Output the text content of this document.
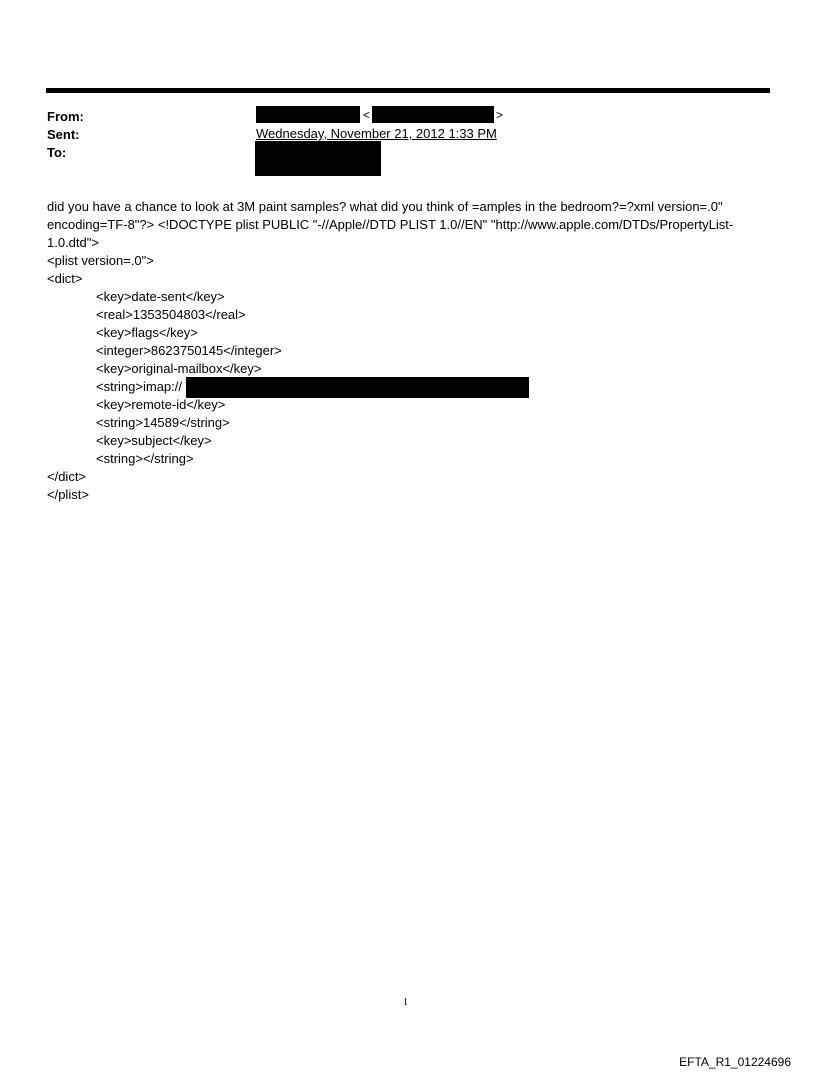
From:
Sent:
To:
<	>
Wednesday, November 21, 2012 1:33 PM
did you have a chance to look at 3M paint samples? what did you think of =amples in the bedroom?=?xml version=.0"
encoding=TF-8"?> <!DOCTYPE plist PUBLIC "-//Apple//DTD PLIST 1.0//EN" "http://www.apple.com/DTDs/PropertyList-
1.0.dtd">
<plist version=.0">
<dict>
<key>date-sent</key>
<real>1353504803</real>
<key>flags</key>
<integer>8623750145</integer>
<key>original-mailbox</key>
<string>imap://
<key>remote-id</key>
<string>14589</string>
<key>subject</key>
<string></string>
</dict>
</plist>
1
EFTA_R1_01224696
